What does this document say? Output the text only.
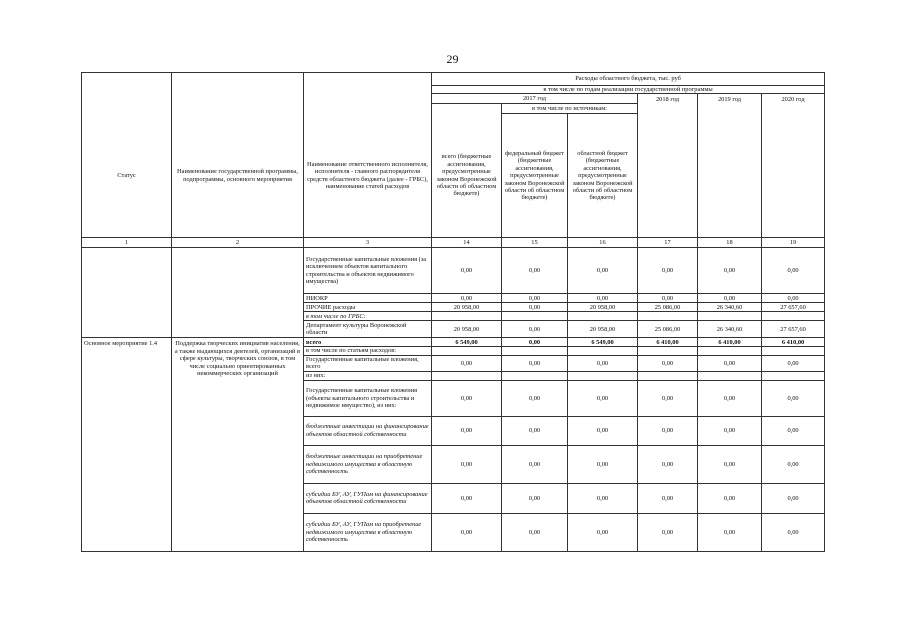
29
			Расходы областного бюджета, тыс. руб					
			в том числе по годам реализации государственной программы					
			2017 год			2018 год	2019 год	2020 год
				в том числе по источникам:				
Статус	Наименование государственной программы, подпрограммы, основного мероприятия	Наименование ответственного исполнителя, исполнителя - главного распорядителя средств областного бюджета (далее - ГРБС), наименование статей расходов	всего (бюджетные ассигнования, предусмотренные законом Воронежской области об областном бюджете)	федеральный бюджет (бюджетные ассигнования, предусмотренные законом Воронежской области об областном бюджете)	областной бюджет (бюджетные ассигнования, предусмотренные законом Воронежской области об областном бюджете)			
1	2	3	14	15	16	17	18	19
		Государственные капитальные вложения (за исключением объектов капитального строительства и объектов недвижимого имущества)	0,00	0,00	0,00	0,00	0,00	0,00
		НИОКР	0,00	0,00	0,00	0,00	0,00	0,00
		ПРОЧИЕ расходы	20 958,00	0,00	20 958,00	25 086,00	26 340,60	27 657,60
		в том числе по ГРБС:						
		Департамент культуры Воронежской области	20 958,00	0,00	20 958,00	25 086,00	26 340,60	27 657,60
Основное мероприятие 1.4	Поддержка творческих инициатив населения, а также выдающихся деятелей, организаций в сфере культуры, творческих союзов, в том числе социально ориентированных некоммерческих организаций	всего	6 549,00	0,00	6 549,00	6 410,00	6 410,00	6 410,00
		в том числе по статьям расходов:						
		Государственные капитальные вложения, всего	0,00	0,00	0,00	0,00	0,00	0,00
		из них:						
		Государственные капитальные вложения (объекты капитального строительства и недвижимое имущество), из них:	0,00	0,00	0,00	0,00	0,00	0,00
		бюджетные инвестиции на финансирование объектов областной собственности	0,00	0,00	0,00	0,00	0,00	0,00
		бюджетные инвестиции на приобретение недвижимого имущества в областную собственность	0,00	0,00	0,00	0,00	0,00	0,00
		субсидии БУ, АУ, ГУПам на финансирование объектов областной собственности	0,00	0,00	0,00	0,00	0,00	0,00
		субсидии БУ, АУ, ГУПам на приобретение недвижимого имущества в областную собственность	0,00	0,00	0,00	0,00	0,00	0,00
